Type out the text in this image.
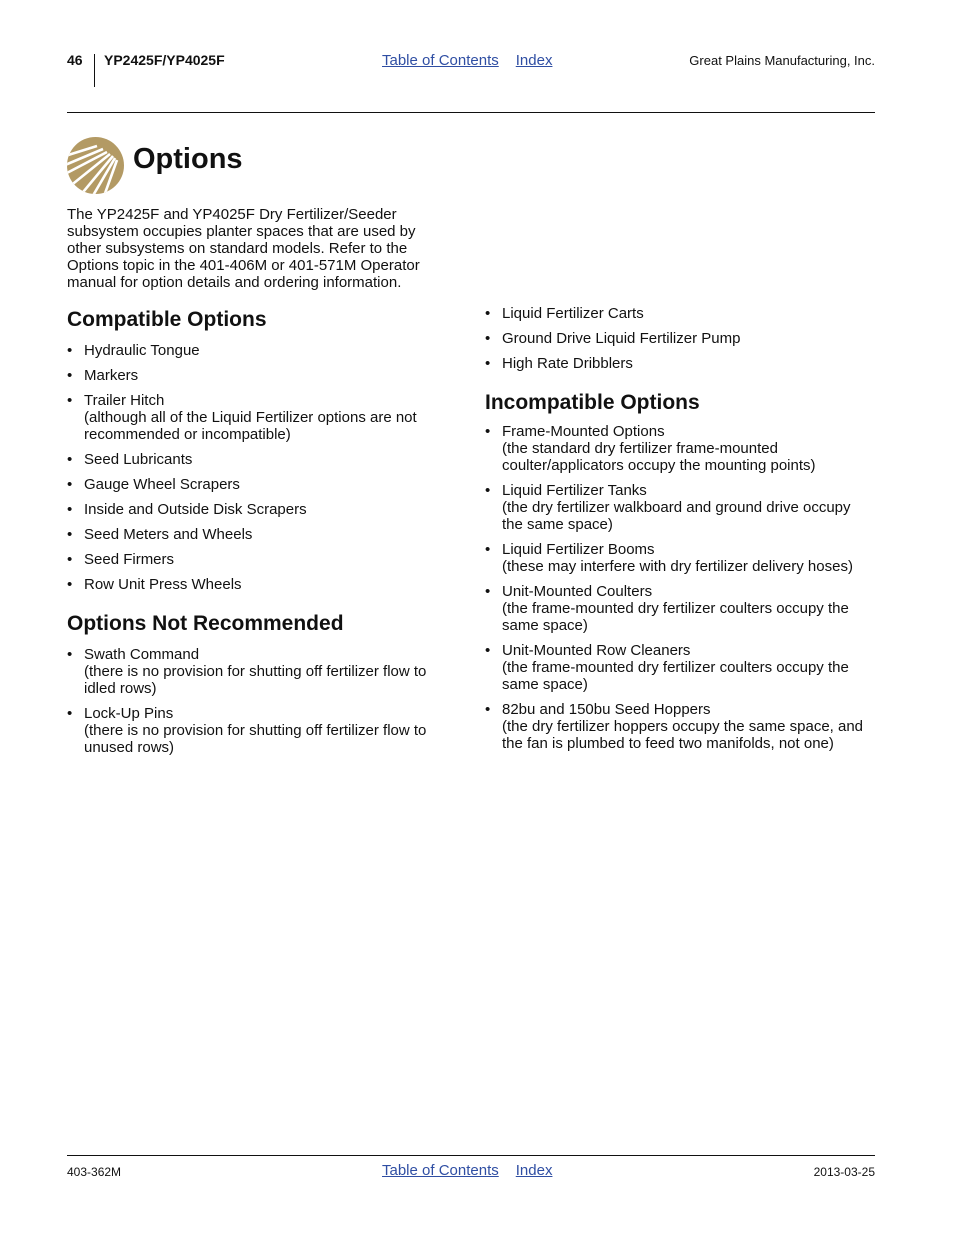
46 YP2425F/YP4025F	Table of Contents Index	Great Plains Manufacturing, Inc.
Options

The YP2425F and YP4025F Dry Fertilizer/Seeder subsystem occupies planter spaces that are used by other subsystems on standard models. Refer to the Options topic in the 401-406M or 401-571M Operator manual for option details and ordering information.

Compatible Options
• Hydraulic Tongue
• Markers
• Trailer Hitch
(although all of the Liquid Fertilizer options are not recommended or incompatible)
• Seed Lubricants
• Gauge Wheel Scrapers
• Inside and Outside Disk Scrapers
• Seed Meters and Wheels
• Seed Firmers
• Row Unit Press Wheels
Options Not Recommended
• Swath Command
(there is no provision for shutting off fertilizer flow to idled rows)
• Lock-Up Pins
(there is no provision for shutting off fertilizer flow to unused rows)
• Liquid Fertilizer Carts
• Ground Drive Liquid Fertilizer Pump
• High Rate Dribblers
Incompatible Options
• Frame-Mounted Options
(the standard dry fertilizer frame-mounted coulter/applicators occupy the mounting points)
• Liquid Fertilizer Tanks
(the dry fertilizer walkboard and ground drive occupy the same space)
• Liquid Fertilizer Booms
(these may interfere with dry fertilizer delivery hoses)
• Unit-Mounted Coulters
(the frame-mounted dry fertilizer coulters occupy the same space)
• Unit-Mounted Row Cleaners
(the frame-mounted dry fertilizer coulters occupy the same space)
• 82bu and 150bu Seed Hoppers
(the dry fertilizer hoppers occupy the same space, and the fan is plumbed to feed two manifolds, not one)
403-362M	Table of Contents Index	2013-03-25
